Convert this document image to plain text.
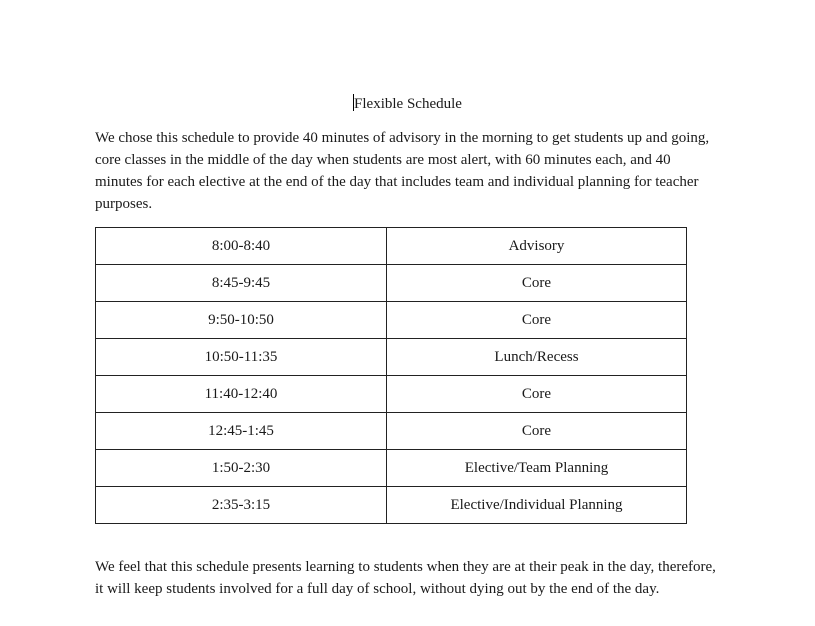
Flexible Schedule

We chose this schedule to provide 40 minutes of advisory in the morning to get students up and going, core classes in the middle of the day when students are most alert, with 60 minutes each, and 40 minutes for each elective at the end of the day that includes team and individual planning for teacher purposes.

8:00-8:40	Advisory
8:45-9:45	Core
9:50-10:50	Core
10:50-11:35	Lunch/Recess
11:40-12:40	Core
12:45-1:45	Core
1:50-2:30	Elective/Team Planning
2:35-3:15	Elective/Individual Planning

We feel that this schedule presents learning to students when they are at their peak in the day, therefore, it will keep students involved for a full day of school, without dying out by the end of the day.
